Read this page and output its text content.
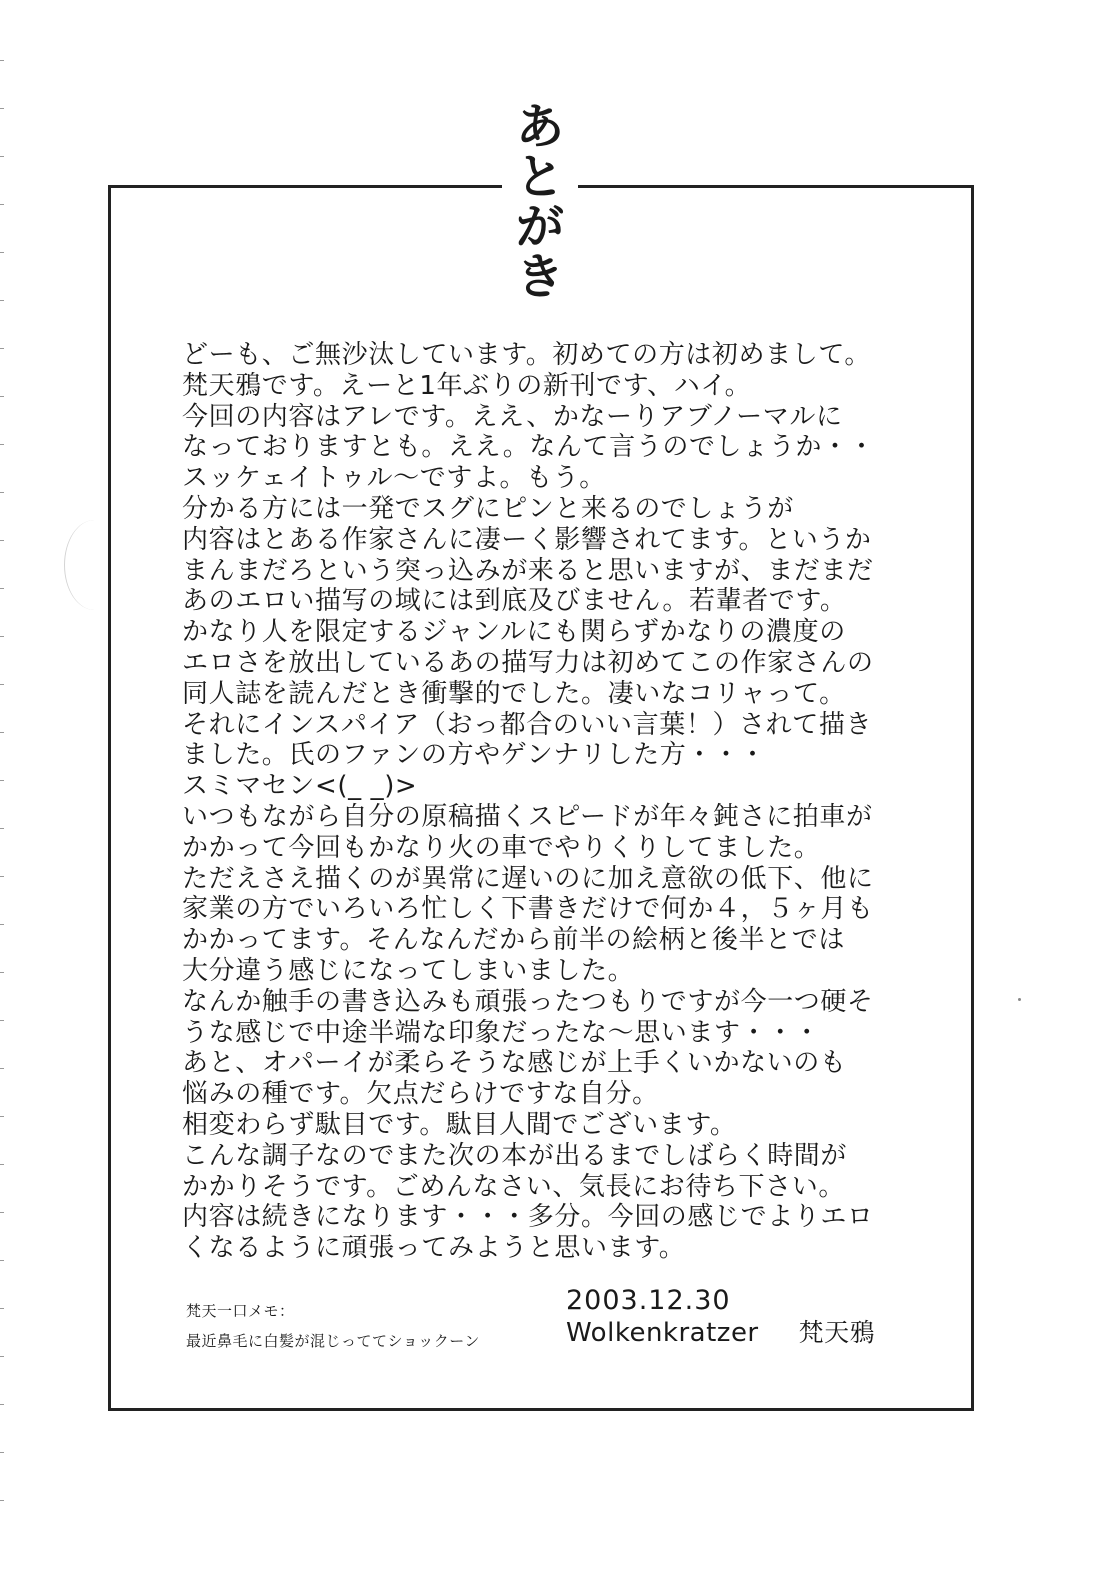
あ
と
が
き
どーも、ご無沙汰しています。初めての方は初めまして。
梵天鴉です。えーと1年ぶりの新刊です、ハイ。
今回の内容はアレです。ええ、かなーりアブノーマルに
なっておりますとも。ええ。なんて言うのでしょうか・・
スッケェイトゥル～ですよ。もう。
分かる方には一発でスグにピンと来るのでしょうが
内容はとある作家さんに凄ーく影響されてます。というか
まんまだろという突っ込みが来ると思いますが、まだまだ
あのエロい描写の域には到底及びません。若輩者です。
かなり人を限定するジャンルにも関らずかなりの濃度の
エロさを放出しているあの描写力は初めてこの作家さんの
同人誌を読んだとき衝撃的でした。凄いなコリャって。
それにインスパイア（おっ都合のいい言葉！）されて描き
ました。氏のファンの方やゲンナリした方・・・
スミマセン<(_ _)>
いつもながら自分の原稿描くスピードが年々鈍さに拍車が
かかって今回もかなり火の車でやりくりしてました。
ただえさえ描くのが異常に遅いのに加え意欲の低下、他に
家業の方でいろいろ忙しく下書きだけで何か４，５ヶ月も
かかってます。そんなんだから前半の絵柄と後半とでは
大分違う感じになってしまいました。
なんか触手の書き込みも頑張ったつもりですが今一つ硬そ
うな感じで中途半端な印象だったな～思います・・・
あと、オパーイが柔らそうな感じが上手くいかないのも
悩みの種です。欠点だらけですな自分。
相変わらず駄目です。駄目人間でございます。
こんな調子なのでまた次の本が出るまでしばらく時間が
かかりそうです。ごめんなさい、気長にお待ち下さい。
内容は続きになります・・・多分。今回の感じでよりエロ
くなるように頑張ってみようと思います。
梵天一口メモ：
最近鼻毛に白髪が混じっててショックーン
2003.12.30
Wolkenkratzer 梵天鴉
